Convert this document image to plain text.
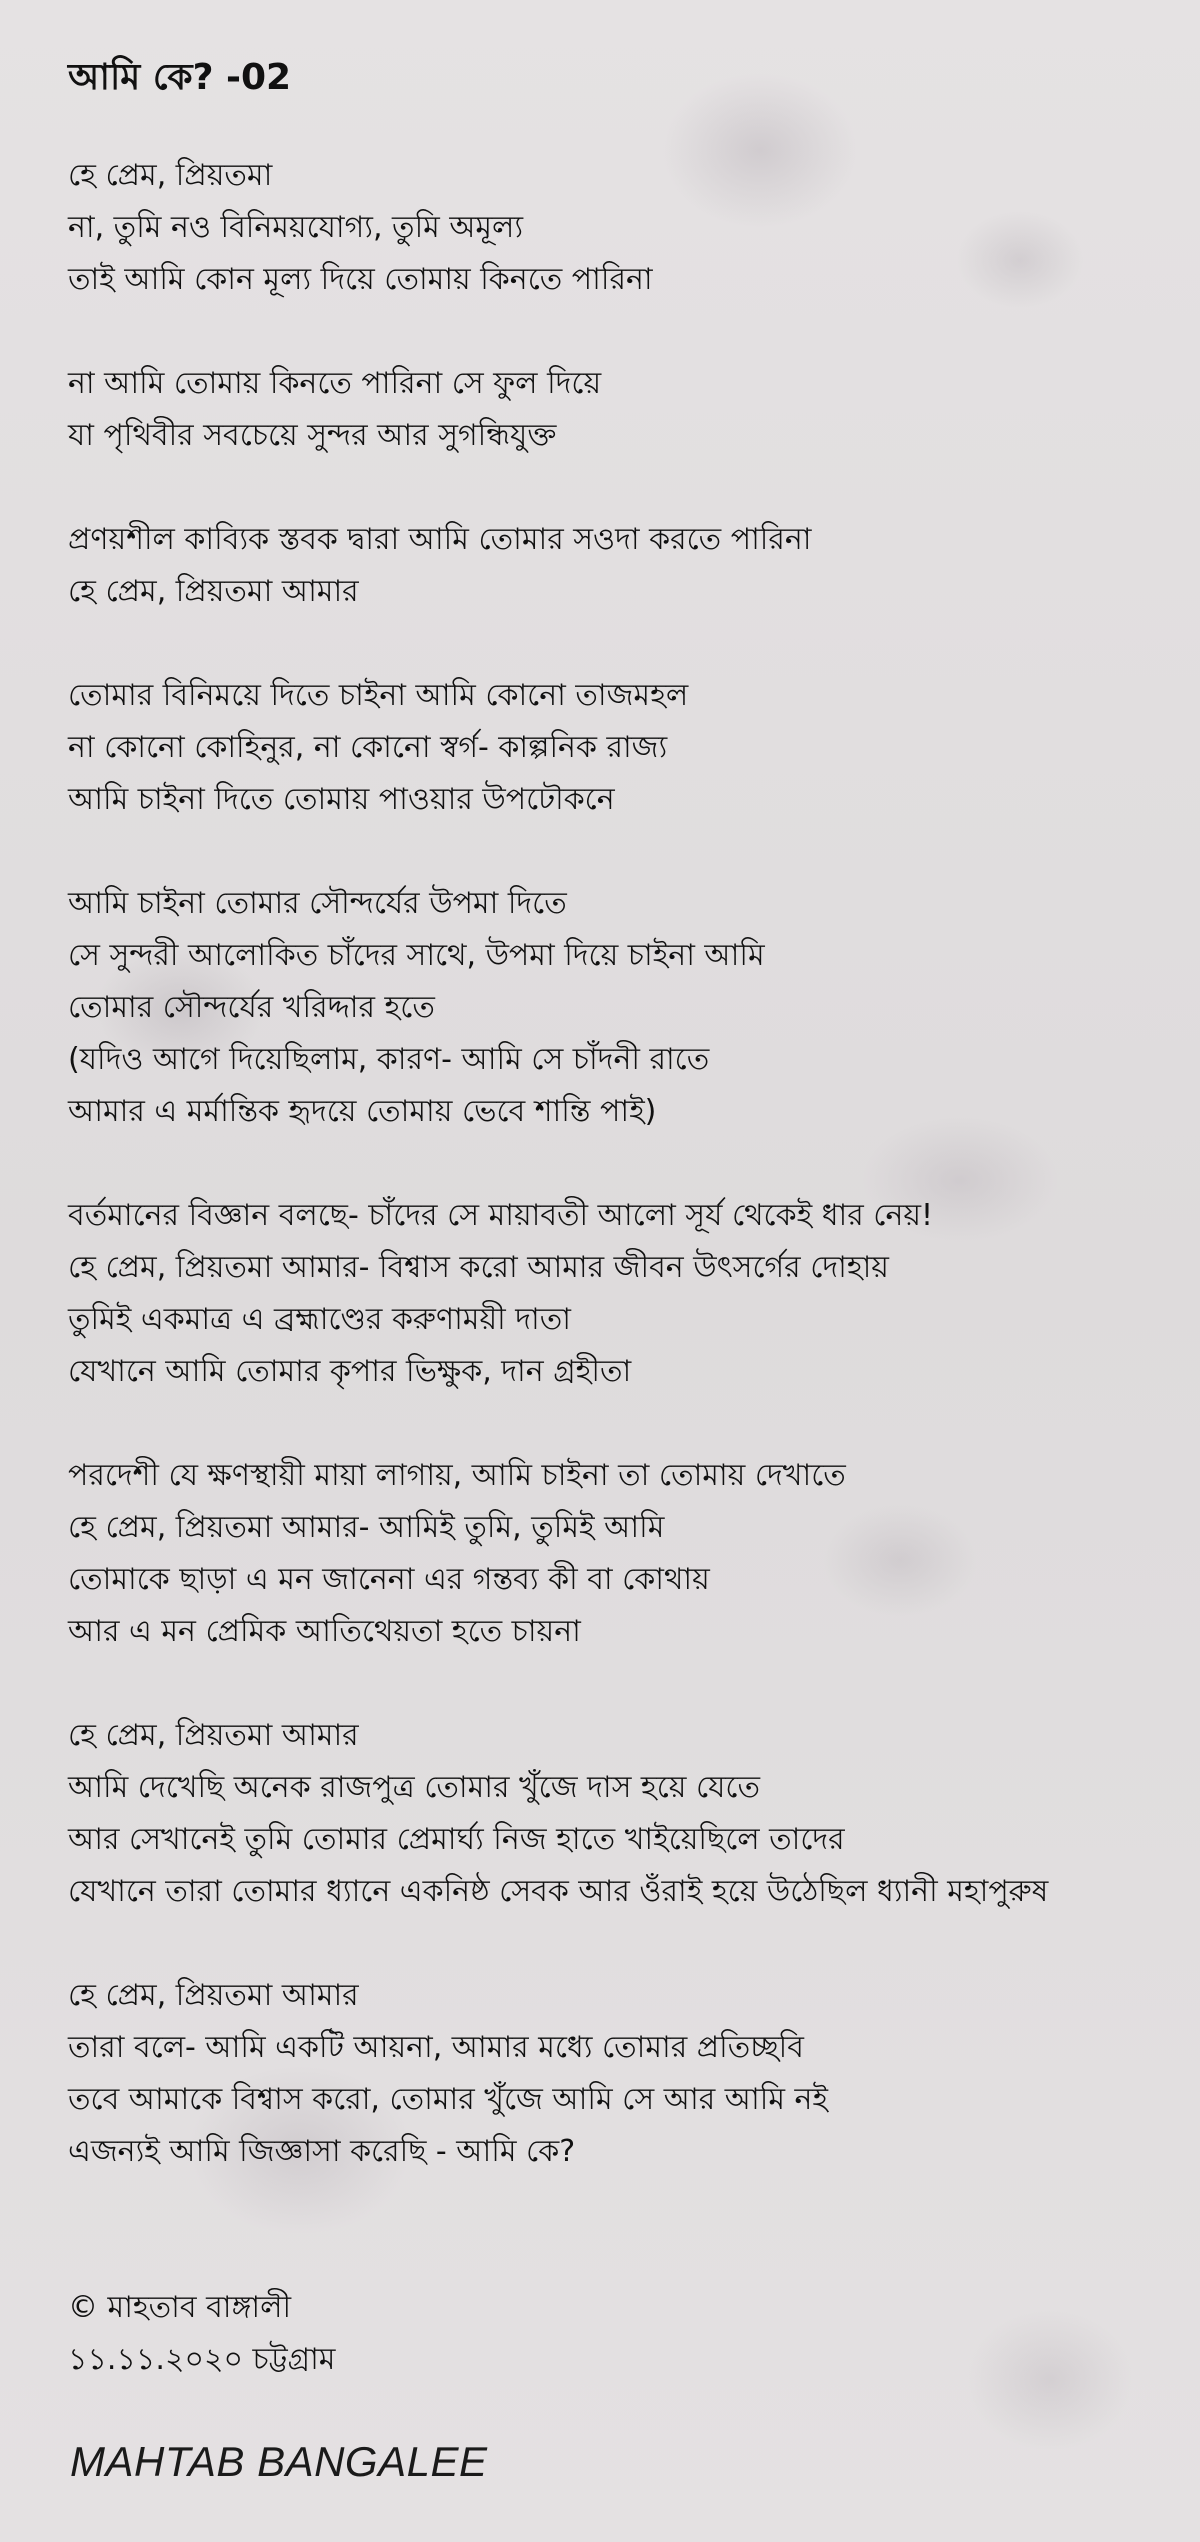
আমি কে? -02
হে প্রেম, প্রিয়তমা
না, তুমি নও বিনিময়যোগ্য, তুমি অমূল্য
তাই আমি কোন মূল্য দিয়ে তোমায় কিনতে পারিনা
না আমি তোমায় কিনতে পারিনা সে ফুল দিয়ে
যা পৃথিবীর সবচেয়ে সুন্দর আর সুগন্ধিযুক্ত
প্রণয়শীল কাব্যিক স্তবক দ্বারা আমি তোমার সওদা করতে পারিনা
হে প্রেম, প্রিয়তমা আমার
তোমার বিনিময়ে দিতে চাইনা আমি কোনো তাজমহল
না কোনো কোহিনুর, না কোনো স্বর্গ- কাল্পনিক রাজ্য
আমি চাইনা দিতে তোমায় পাওয়ার উপঢৌকনে
আমি চাইনা তোমার সৌন্দর্যের উপমা দিতে
সে সুন্দরী আলোকিত চাঁদের সাথে, উপমা দিয়ে চাইনা আমি
তোমার সৌন্দর্যের খরিদ্দার হতে
(যদিও আগে দিয়েছিলাম, কারণ- আমি সে চাঁদনী রাতে
আমার এ মর্মান্তিক হৃদয়ে তোমায় ভেবে শান্তি পাই)
বর্তমানের বিজ্ঞান বলছে- চাঁদের সে মায়াবতী আলো সূর্য থেকেই ধার নেয়!
হে প্রেম, প্রিয়তমা আমার- বিশ্বাস করো আমার জীবন উৎসর্গের দোহায়
তুমিই একমাত্র এ ব্রহ্মাণ্ডের করুণাময়ী দাতা
যেখানে আমি তোমার কৃপার ভিক্ষুক, দান গ্রহীতা
পরদেশী যে ক্ষণস্থায়ী মায়া লাগায়, আমি চাইনা তা তোমায় দেখাতে
হে প্রেম, প্রিয়তমা আমার- আমিই তুমি, তুমিই আমি
তোমাকে ছাড়া এ মন জানেনা এর গন্তব্য কী বা কোথায়
আর এ মন প্রেমিক আতিথেয়তা হতে চায়না
হে প্রেম, প্রিয়তমা আমার
আমি দেখেছি অনেক রাজপুত্র তোমার খুঁজে দাস হয়ে যেতে
আর সেখানেই তুমি তোমার প্রেমার্ঘ্য নিজ হাতে খাইয়েছিলে তাদের
যেখানে তারা তোমার ধ্যানে একনিষ্ঠ সেবক আর ওঁরাই হয়ে উঠেছিল ধ্যানী মহাপুরুষ
হে প্রেম, প্রিয়তমা আমার
তারা বলে- আমি একটি আয়না, আমার মধ্যে তোমার প্রতিচ্ছবি
তবে আমাকে বিশ্বাস করো, তোমার খুঁজে আমি সে আর আমি নই
এজন্যই আমি জিজ্ঞাসা করেছি - আমি কে?
© মাহতাব বাঙ্গালী
১১.১১.২০২০ চট্টগ্রাম
MAHTAB BANGALEE
